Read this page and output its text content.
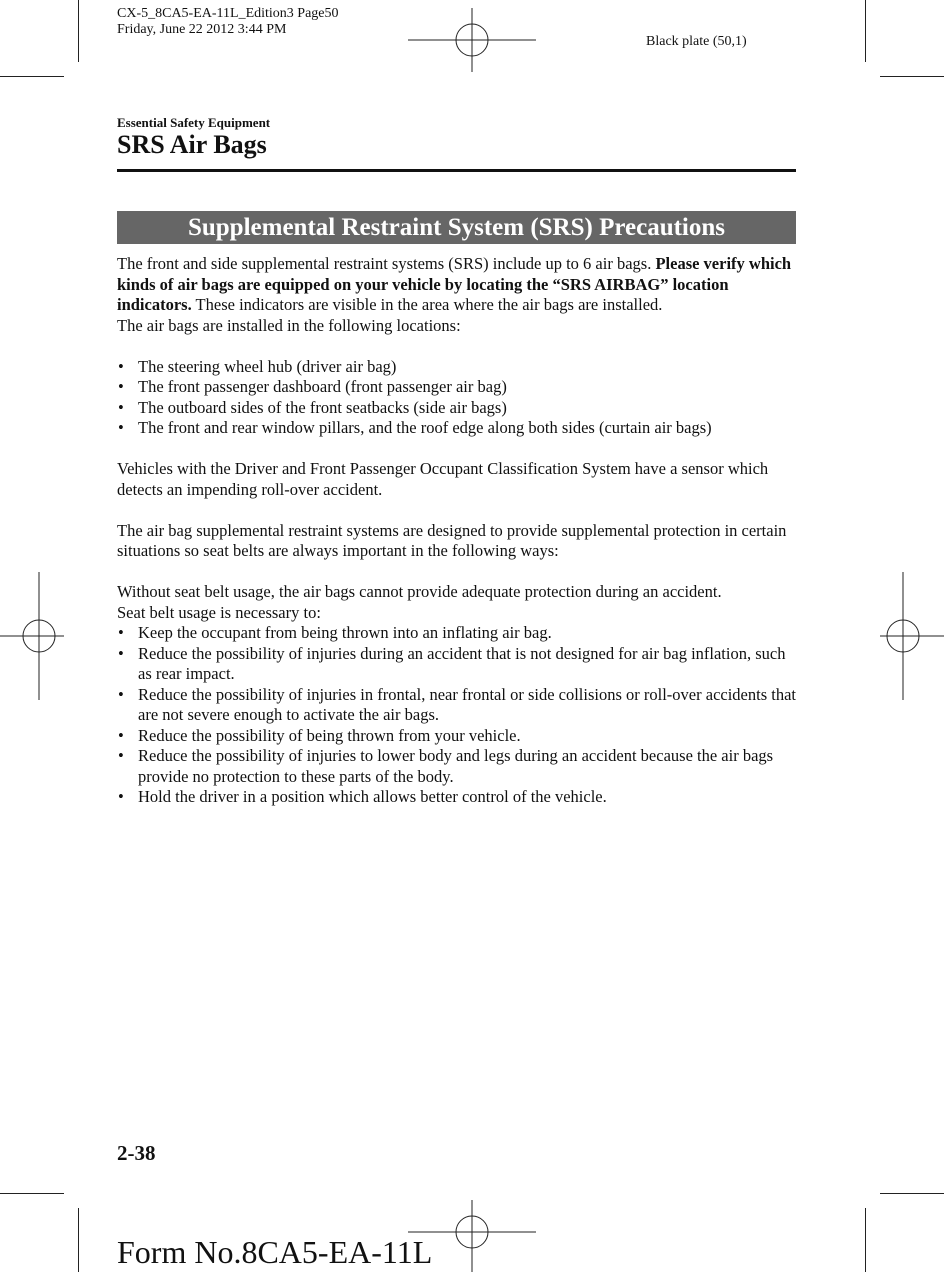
CX-5_8CA5-EA-11L_Edition3 Page50
Friday, June 22 2012 3:44 PM
Black plate (50,1)
Essential Safety Equipment
SRS Air Bags
Supplemental Restraint System (SRS) Precautions

The front and side supplemental restraint systems (SRS) include up to 6 air bags. Please verify which kinds of air bags are equipped on your vehicle by locating the “SRS AIRBAG” location indicators. These indicators are visible in the area where the air bags are installed.

The air bags are installed in the following locations:

• The steering wheel hub (driver air bag)
• The front passenger dashboard (front passenger air bag)
• The outboard sides of the front seatbacks (side air bags)
• The front and rear window pillars, and the roof edge along both sides (curtain air bags)

Vehicles with the Driver and Front Passenger Occupant Classification System have a sensor which detects an impending roll-over accident.

The air bag supplemental restraint systems are designed to provide supplemental protection in certain situations so seat belts are always important in the following ways:

Without seat belt usage, the air bags cannot provide adequate protection during an accident.

Seat belt usage is necessary to:

• Keep the occupant from being thrown into an inflating air bag.
• Reduce the possibility of injuries during an accident that is not designed for air bag inflation, such as rear impact.
• Reduce the possibility of injuries in frontal, near frontal or side collisions or roll-over accidents that are not severe enough to activate the air bags.
• Reduce the possibility of being thrown from your vehicle.
• Reduce the possibility of injuries to lower body and legs during an accident because the air bags provide no protection to these parts of the body.
• Hold the driver in a position which allows better control of the vehicle.
2-38
Form No.8CA5-EA-11L
